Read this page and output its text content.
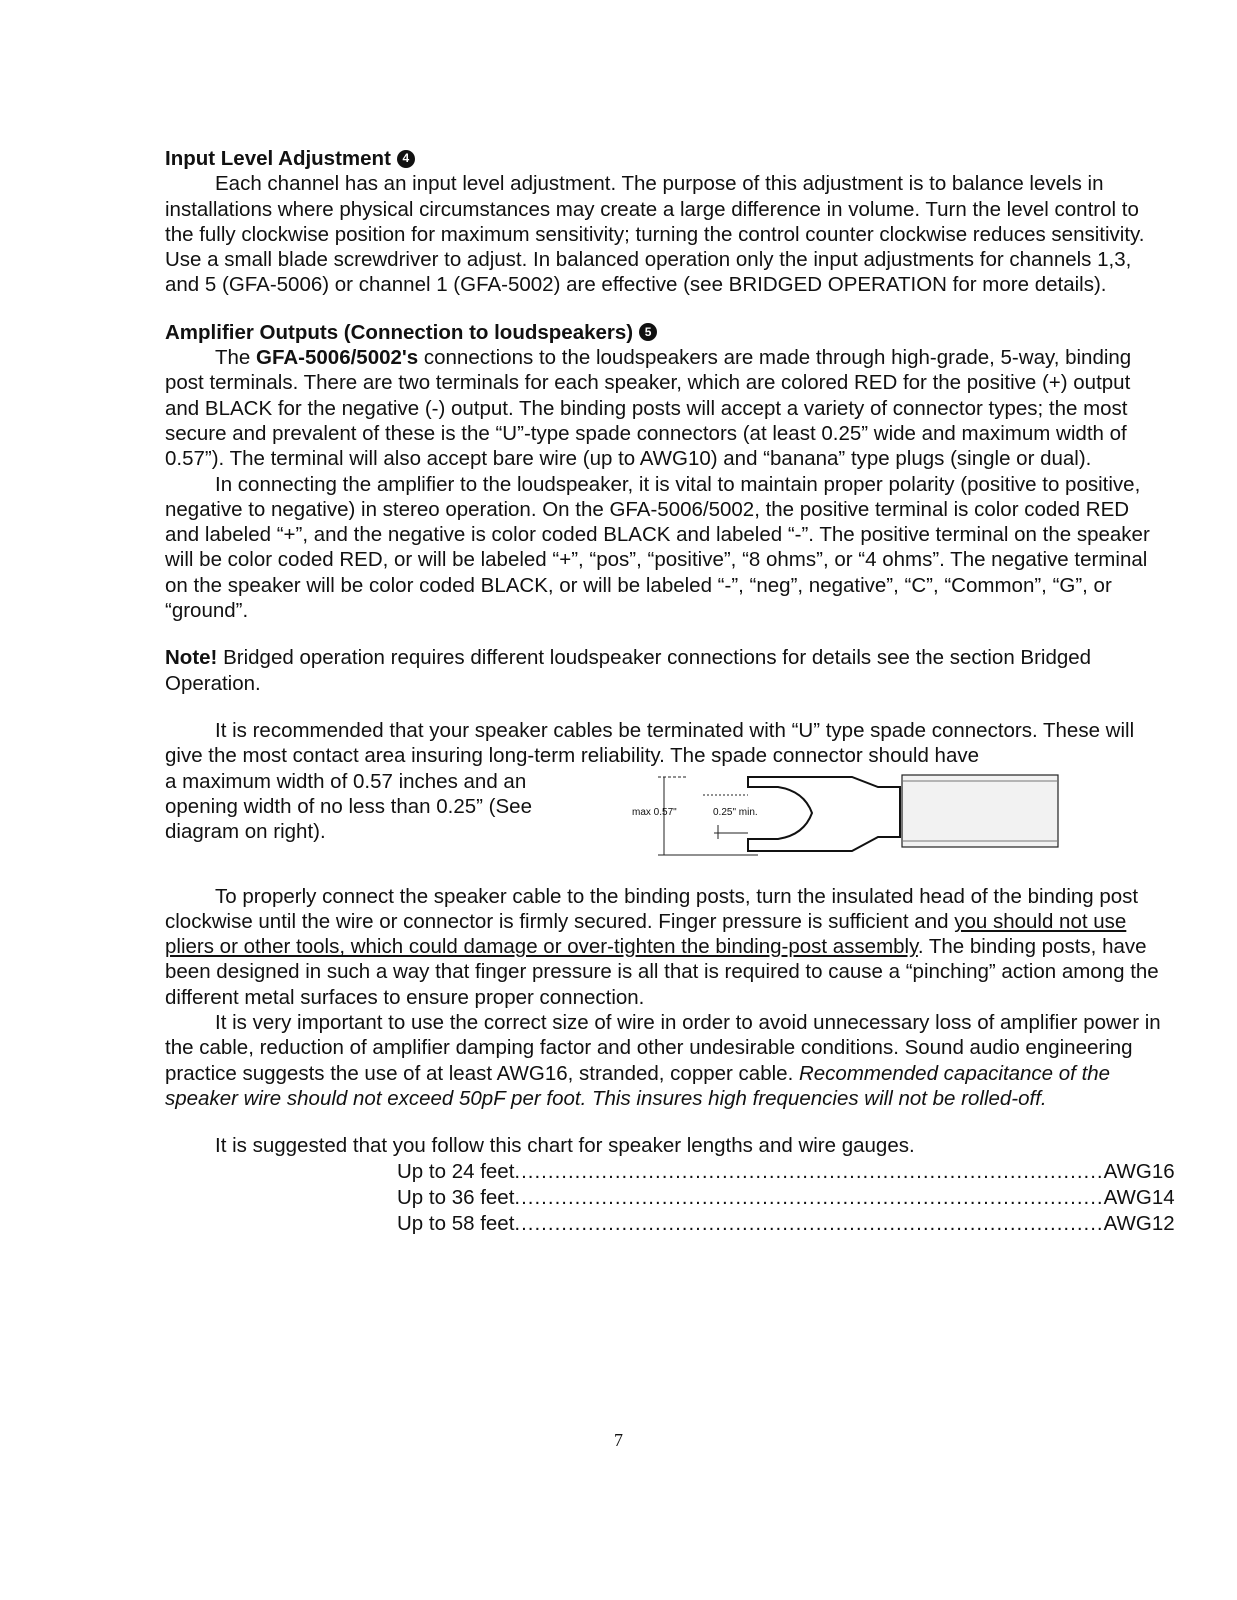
Input Level Adjustment 4

Each channel has an input level adjustment. The purpose of this adjustment is to balance levels in installations where physical circumstances may create a large difference in volume. Turn the level control to the fully clockwise position for maximum sensitivity; turning the control counter clockwise reduces sensitivity. Use a small blade screwdriver to adjust. In balanced operation only the input adjustments for channels 1,3, and 5 (GFA-5006) or channel 1 (GFA-5002) are effective (see BRIDGED OPERATION for more details).

Amplifier Outputs (Connection to loudspeakers) 5

The GFA-5006/5002's connections to the loudspeakers are made through high-grade, 5-way, binding post terminals. There are two terminals for each speaker, which are colored RED for the positive (+) output and BLACK for the negative (-) output. The binding posts will accept a variety of connector types; the most secure and prevalent of these is the “U”-type spade connectors (at least 0.25” wide and maximum width of 0.57”). The terminal will also accept bare wire (up to AWG10) and “banana” type plugs (single or dual).

In connecting the amplifier to the loudspeaker, it is vital to maintain proper polarity (positive to positive, negative to negative) in stereo operation. On the GFA-5006/5002, the positive terminal is color coded RED and labeled “+”, and the negative is color coded BLACK and labeled “-”. The positive terminal on the speaker will be color coded RED, or will be labeled “+”, “pos”, “positive”, “8 ohms”, or “4 ohms”. The negative terminal on the speaker will be color coded BLACK, or will be labeled “-”, “neg”, negative”, “C”, “Common”, “G”, or “ground”.

Note! Bridged operation requires different loudspeaker connections for details see the section Bridged Operation.

It is recommended that your speaker cables be terminated with “U” type spade connectors. These will give the most contact area insuring long-term reliability. The spade connector should have

a maximum width of 0.57 inches and an opening width of no less than 0.25” (See diagram on right).

max 0.57"	0.25" min.

To properly connect the speaker cable to the binding posts, turn the insulated head of the binding post clockwise until the wire or connector is firmly secured. Finger pressure is sufficient and you should not use pliers or other tools, which could damage or over-tighten the binding-post assembly. The binding posts, have been designed in such a way that finger pressure is all that is required to cause a “pinching” action among the different metal surfaces to ensure proper connection.

It is very important to use the correct size of wire in order to avoid unnecessary loss of amplifier power in the cable, reduction of amplifier damping factor and other undesirable conditions. Sound audio engineering practice suggests the use of at least AWG16, stranded, copper cable. Recommended capacitance of the speaker wire should not exceed 50pF per foot. This insures high frequencies will not be rolled-off.

It is suggested that you follow this chart for speaker lengths and wire gauges.

Up to 24 feet ........................................................................................ AWG16
Up to 36 feet ........................................................................................ AWG14
Up to 58 feet ........................................................................................ AWG12
7
